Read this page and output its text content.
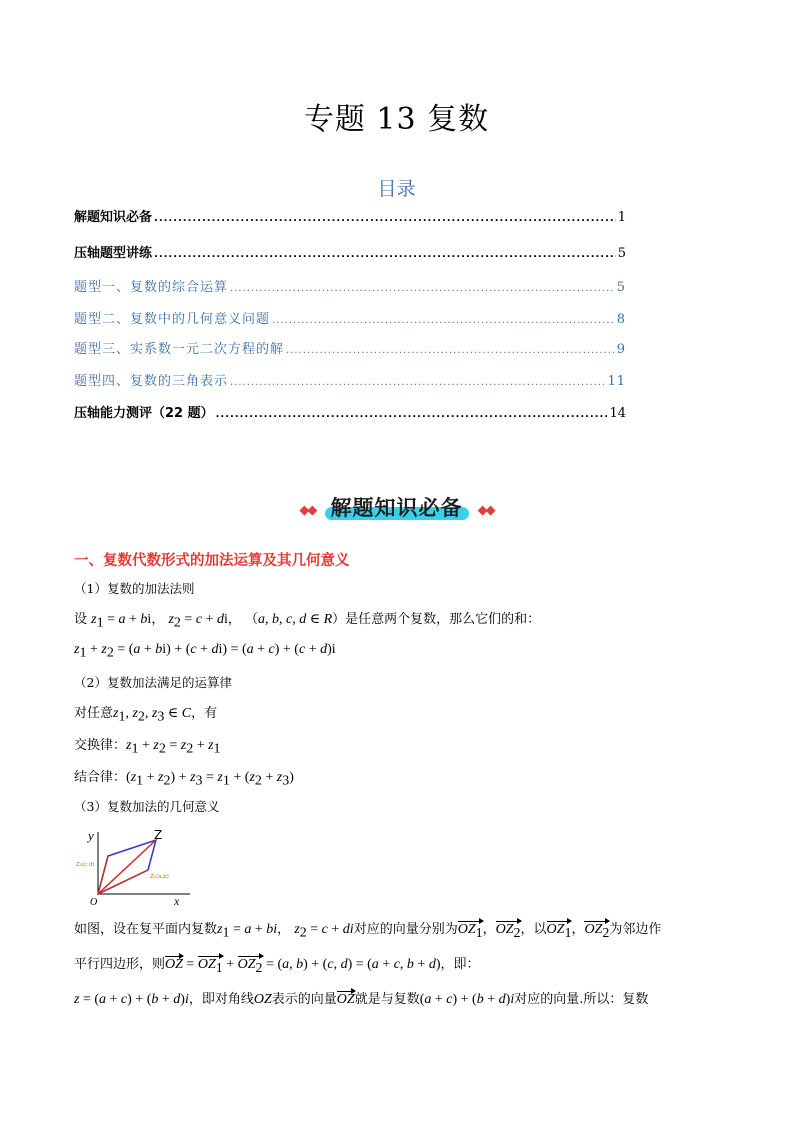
专题 13 复数
目录
解题知识必备 .....	1
压轴题型讲练 .....	5
题型一、复数的综合运算 .....	5
题型二、复数中的几何意义问题 .....	8
题型三、实系数一元二次方程的解 .....	9
题型四、复数的三角表示 .....	11
压轴能力测评（22 题） .....	14
◆◆ 解题知识必备 ◆◆
一、复数代数形式的加法运算及其几何意义
（1）复数的加法法则
设 $z_1 = a$ + bi， $z_2 = c$ + di， （a, b, c, d ∈ R）是任意两个复数，那么它们的和：
$z_1 + z_2 = (a + bi) + (c + di) = (a + c) + (c + d)i$
（2）复数加法满足的运算律
对任意$z_1$, $z_2$, $z_3$ ∈ C，有
交换律：$z_1 + z_2 = z_2 + z_1$
结合律：$(z_1 + z_2) + z_3 = z_1 + (z_2 + z_3)$
（3）复数加法的几何意义
y
x
O
Z
Z₂(c,d)
Z₁(a,b)
如图，设在复平面内复数$z_1 = a$ + bi， $z_2 = c$ + di对应的向量分别为$OZ_1$，$OZ_2$，以$OZ_1$，$OZ_2$为邻边作
平行四边形，则OZ = $OZ_1 + OZ_2 = (a$, b) + (c, d) = (a + c, b + d)，即：
z = (a + c) + (b + d)i，即对角线OZ表示的向量OZ就是与复数(a + c) + (b + d)i对应的向量.所以：复数
